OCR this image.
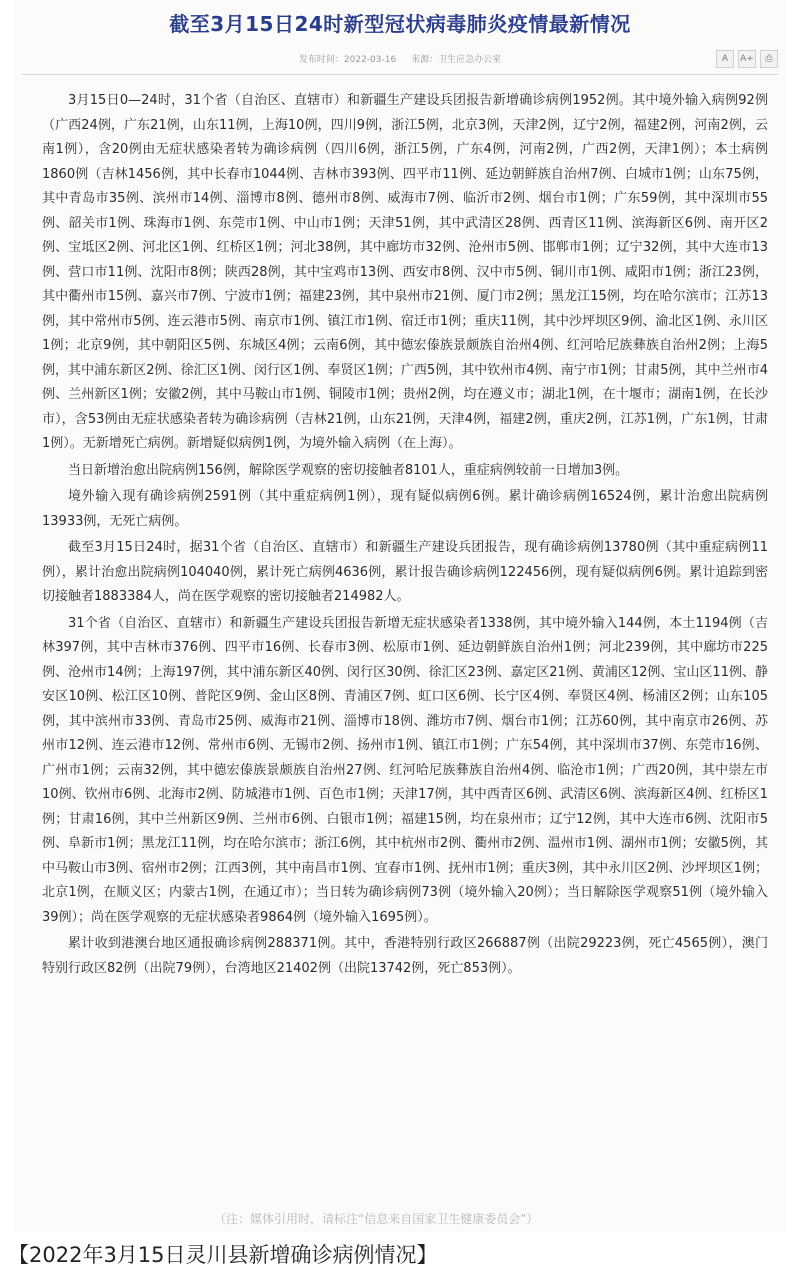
截至3月15日24时新型冠状病毒肺炎疫情最新情况
发布时间：2022-03-16 来源：卫生应急办公室	A	A+	⎙

3月15日0—24时，31个省（自治区、直辖市）和新疆生产建设兵团报告新增确诊病例1952例。其中境外输入病例92例（广西24例，广东21例，山东11例，上海10例，四川9例，浙江5例，北京3例，天津2例，辽宁2例，福建2例，河南2例，云南1例），含20例由无症状感染者转为确诊病例（四川6例，浙江5例，广东4例，河南2例，广西2例，天津1例）；本土病例1860例（吉林1456例，其中长春市1044例、吉林市393例、四平市11例、延边朝鲜族自治州7例、白城市1例；山东75例，其中青岛市35例、滨州市14例、淄博市8例、德州市8例、威海市7例、临沂市2例、烟台市1例；广东59例，其中深圳市55例、韶关市1例、珠海市1例、东莞市1例、中山市1例；天津51例，其中武清区28例、西青区11例、滨海新区6例、南开区2例、宝坻区2例、河北区1例、红桥区1例；河北38例，其中廊坊市32例、沧州市5例、邯郸市1例；辽宁32例，其中大连市13例、营口市11例、沈阳市8例；陕西28例，其中宝鸡市13例、西安市8例、汉中市5例、铜川市1例、咸阳市1例；浙江23例，其中衢州市15例、嘉兴市7例、宁波市1例；福建23例，其中泉州市21例、厦门市2例；黑龙江15例，均在哈尔滨市；江苏13例，其中常州市5例、连云港市5例、南京市1例、镇江市1例、宿迁市1例；重庆11例，其中沙坪坝区9例、渝北区1例、永川区1例；北京9例，其中朝阳区5例、东城区4例；云南6例，其中德宏傣族景颇族自治州4例、红河哈尼族彝族自治州2例；上海5例，其中浦东新区2例、徐汇区1例、闵行区1例、奉贤区1例；广西5例，其中钦州市4例、南宁市1例；甘肃5例，其中兰州市4例、兰州新区1例；安徽2例，其中马鞍山市1例、铜陵市1例；贵州2例，均在遵义市；湖北1例，在十堰市；湖南1例，在长沙市），含53例由无症状感染者转为确诊病例（吉林21例，山东21例，天津4例，福建2例，重庆2例，江苏1例，广东1例，甘肃1例）。无新增死亡病例。新增疑似病例1例，为境外输入病例（在上海）。

当日新增治愈出院病例156例，解除医学观察的密切接触者8101人，重症病例较前一日增加3例。

境外输入现有确诊病例2591例（其中重症病例1例），现有疑似病例6例。累计确诊病例16524例，累计治愈出院病例13933例，无死亡病例。

截至3月15日24时，据31个省（自治区、直辖市）和新疆生产建设兵团报告，现有确诊病例13780例（其中重症病例11例），累计治愈出院病例104040例，累计死亡病例4636例，累计报告确诊病例122456例，现有疑似病例6例。累计追踪到密切接触者1883384人，尚在医学观察的密切接触者214982人。

31个省（自治区、直辖市）和新疆生产建设兵团报告新增无症状感染者1338例，其中境外输入144例，本土1194例（吉林397例，其中吉林市376例、四平市16例、长春市3例、松原市1例、延边朝鲜族自治州1例；河北239例，其中廊坊市225例、沧州市14例；上海197例，其中浦东新区40例、闵行区30例、徐汇区23例、嘉定区21例、黄浦区12例、宝山区11例、静安区10例、松江区10例、普陀区9例、金山区8例、青浦区7例、虹口区6例、长宁区4例、奉贤区4例、杨浦区2例；山东105例，其中滨州市33例、青岛市25例、威海市21例、淄博市18例、潍坊市7例、烟台市1例；江苏60例，其中南京市26例、苏州市12例、连云港市12例、常州市6例、无锡市2例、扬州市1例、镇江市1例；广东54例，其中深圳市37例、东莞市16例、广州市1例；云南32例，其中德宏傣族景颇族自治州27例、红河哈尼族彝族自治州4例、临沧市1例；广西20例，其中崇左市10例、钦州市6例、北海市2例、防城港市1例、百色市1例；天津17例，其中西青区6例、武清区6例、滨海新区4例、红桥区1例；甘肃16例，其中兰州新区9例、兰州市6例、白银市1例；福建15例，均在泉州市；辽宁12例，其中大连市6例、沈阳市5例、阜新市1例；黑龙江11例，均在哈尔滨市；浙江6例，其中杭州市2例、衢州市2例、温州市1例、湖州市1例；安徽5例，其中马鞍山市3例、宿州市2例；江西3例，其中南昌市1例、宜春市1例、抚州市1例；重庆3例，其中永川区2例、沙坪坝区1例；北京1例，在顺义区；内蒙古1例，在通辽市）；当日转为确诊病例73例（境外输入20例）；当日解除医学观察51例（境外输入39例）；尚在医学观察的无症状感染者9864例（境外输入1695例）。

累计收到港澳台地区通报确诊病例288371例。其中，香港特别行政区266887例（出院29223例，死亡4565例），澳门特别行政区82例（出院79例），台湾地区21402例（出院13742例，死亡853例）。

（注：媒体引用时，请标注“信息来自国家卫生健康委员会”）
【2022年3月15日灵川县新增确诊病例情况】
